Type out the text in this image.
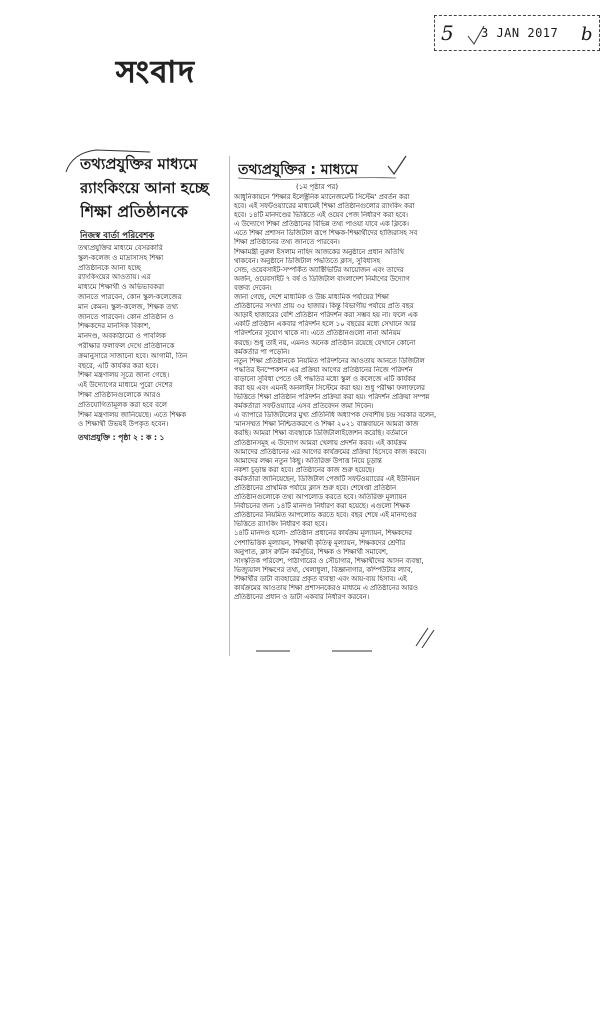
5 3 JAN 2017 b
সংবাদ
তথ্যপ্রযুক্তির মাধ্যমে
র‍্যাংকিংয়ে আনা হচ্ছে
শিক্ষা প্রতিষ্ঠানকে
নিজস্ব বার্তা পরিবেশক
তথ্যপ্রযুক্তির মাধ্যমে বেসরকারি
স্কুল-কলেজ ও মাদ্রাসাসহ শিক্ষা
প্রতিষ্ঠানকে আনা হচ্ছে
র‍্যাংকিংয়ের আওতায়। এর
মাধ্যমে শিক্ষার্থী ও অভিভাবকরা
জানতে পারবেন, কোন স্কুল-কলেজের
মান কেমন। স্কুল-কলেজ, শিক্ষক তথ্য
জানতে পারবেন। কোন প্রতিষ্ঠান ও
শিক্ষকদের মানসিক বিকাশ,
মানদণ্ড, অবকাঠামো ও পাবলিক
পরীক্ষার ফলাফল দেখে প্রতিষ্ঠানকে
ক্রমানুসারে সাজানো হবে। আগামী, তিন
বছরে, এটি কার্যকর করা হবে।
শিক্ষা মন্ত্রণালয় সূত্রে জানা গেছে।
এই উদ্যোগের মাধ্যমে পুরো দেশের
শিক্ষা প্রতিষ্ঠানগুলোকে আরও
প্রতিযোগিতামূলক করা হবে বলে
শিক্ষা মন্ত্রণালয় জানিয়েছে। এতে শিক্ষক
ও শিক্ষার্থী উভয়ই উপকৃত হবেন।
তথ্যপ্রযুক্তি : পৃষ্ঠা ২ : ক : ১
তথ্যপ্রযুক্তির : মাধ্যমে
(১ম পৃষ্ঠার পর)
আধুনিকায়নে 'শিক্ষার ইলেক্ট্রনিক ম্যানেজমেন্ট সিস্টেম' প্রবর্তন করা
হবে। এই সফটওয়্যারের মাধ্যমেই শিক্ষা প্রতিষ্ঠানগুলোর র‍্যাংকিং করা
হবে। ১৪টি মানদণ্ডের ভিত্তিতে এই ওয়েব পেজ নির্ধারণ করা হবে।
এ উদ্যোগে শিক্ষা প্রতিষ্ঠানের বিভিন্ন তথ্য পাওয়া যাবে এক ক্লিকে।
এতে শিক্ষা প্রশাসন ডিজিটাল রূপে শিক্ষক-শিক্ষার্থীদের হাজিরাসহ সব
শিক্ষা প্রতিষ্ঠানের তথ্য জানতে পারবেন।
শিক্ষামন্ত্রী নুরুল ইসলাম নাহিদ আজকের অনুষ্ঠানে প্রধান অতিথি
থাকবেন। অনুষ্ঠানে ডিজিটাল পদ্ধতিতে ক্লাস, সুবিধাসহ
সেন্ড, ওয়েবসাইট-সম্পর্কিত অ্যাক্টিভিটির আয়োজন এবং তাদের
অর্জন, ওয়েবসাইট ৭ বর্ষ ও ডিজিটাল বাংলাদেশ নির্মাণের উদ্যোগ
বক্তব্য দেবেন।
জানা গেছে, দেশে মাধ্যমিক ও উচ্চ মাধ্যমিক পর্যায়ের শিক্ষা
প্রতিষ্ঠানের সংখ্যা প্রায় ৩৫ হাজার। কিন্তু বিভাগীয় পর্যায়ে প্রতি বছর
আড়াই হাজারের বেশি প্রতিষ্ঠান পরিদর্শন করা সম্ভব হয় না। ফলে এক
একটি প্রতিষ্ঠান একবার পরিদর্শন হলে ১০ বছরের মধ্যে সেখানে আর
পরিদর্শনের সুযোগ থাকে না। এতে প্রতিষ্ঠানগুলো নানা অনিয়ম
করছে। শুধু তাই নয়, এমনও অনেক প্রতিষ্ঠান রয়েছে যেখানে কোনো
কর্মকর্তার পা পড়েনি।
নতুন শিক্ষা প্রতিষ্ঠানকে নিয়মিত পরিদর্শনের আওতায় আনতে ডিজিটাল
পদ্ধতির ইনস্পেকশন এর প্রক্রিয়া আগের প্রতিষ্ঠানের নিজে পরিদর্শন
বাড়ানো সুবিধা পেতে ওই পদ্ধতির মধ্যে স্কুল ও কলেজে এটি কার্যকর
করা হয় এবং এমনই অনলাইন সিস্টেমে করা হয়। শুধু পরীক্ষা ফলাফলের
ভিত্তিতে শিক্ষা প্রতিষ্ঠান পরিদর্শন প্রক্রিয়া করা হয়। পরিদর্শন প্রক্রিয়া সম্পন্ন
কর্মকর্তারা সফটওয়্যারে এসব প্রতিবেদন জমা দিবেন।
এ ব্যাপারে ডিজিটালের মুখ্য প্রতিনিধি অধ্যাপক দেবাশীষ চন্দ্র সরকার বলেন,
'মানসম্মত শিক্ষা নিশ্চিতকরণে ও শিক্ষা ২০২১ বাস্তবায়নে আমরা কাজ
করছি। আমরা শিক্ষা ব্যবস্থাকে ডিজিটালাইজেশন করেছি। বর্তমানে
প্রতিষ্ঠানসমূহ এ উদ্যোগ আমরা খেলায় প্রদর্শন করব। এই কার্যক্রম
আমাদের প্রতিষ্ঠানের এর আগের কার্যক্রমের প্রক্রিয়া হিসেবে কাজ করবে।
আমাদের লক্ষ্য নতুন কিছু। অতিরিক্ত উপাত্ত নিয়ে চূড়ান্ত
নকশা চূড়ান্ত করা হবে। প্রতিষ্ঠানের কাজ শুরু হয়েছে।
কর্মকর্তারা জানিয়েছেন, ডিজিটাল পেজটি সফটওয়্যারের এই ইউনিয়ন
প্রতিষ্ঠানের প্রাথমিক পর্যায়ে ক্লাস শুরু হবে। শেষেপ্তা প্রতিষ্ঠান
প্রতিষ্ঠানগুলোকে তথ্য আপলোড করতে হবে। অতিরিক্ত মূল্যায়ন
নির্বাচনের জন্য ১৪টি মানদণ্ড নির্ধারণ করা হয়েছে। এগুলো শিক্ষক
প্রতিষ্ঠানের নিয়মিত আপলোড করতে হবে। বছর শেষে এই মানদণ্ডের
ভিত্তিতে র‍্যাংকিং নির্ধারণ করা হবে।
১৪টি মানদণ্ড হলো- প্রতিষ্ঠান প্রধানের কার্যক্রম মূল্যায়ন, শিক্ষকদের
পেশাভিত্তিক মূল্যায়ন, শিক্ষার্থী কৃতিত্ব মূল্যায়ন, শিক্ষকদের শ্রেণীর
অনুপাত, ক্লাস রুটিন কর্মসূচির, শিক্ষক ও শিক্ষার্থী সমাবেশ,
সাংস্কৃতিক পরিবেশ, পাঠাগারের ও সৌচাগার, শিক্ষার্থীদের আসন ব্যবস্থা,
ভিজ্যুয়াল শিক্ষণের তথ্য, খেলাধুলা, বিজ্ঞানাগার, কম্পিউটার ল্যাব,
শিক্ষার্থীর ডাটা ব্যবহারের প্রকৃত ব্যবস্থা এবং আয়-ব্যয় হিসাব। এই
কার্যক্রমের আওতায় শিক্ষা প্রশাসনকেরও মাধ্যমে এ প্রতিষ্ঠানের আরও
প্রতিষ্ঠানের প্রধান ও ডাটা একবার নির্ধারণ করবেন।
